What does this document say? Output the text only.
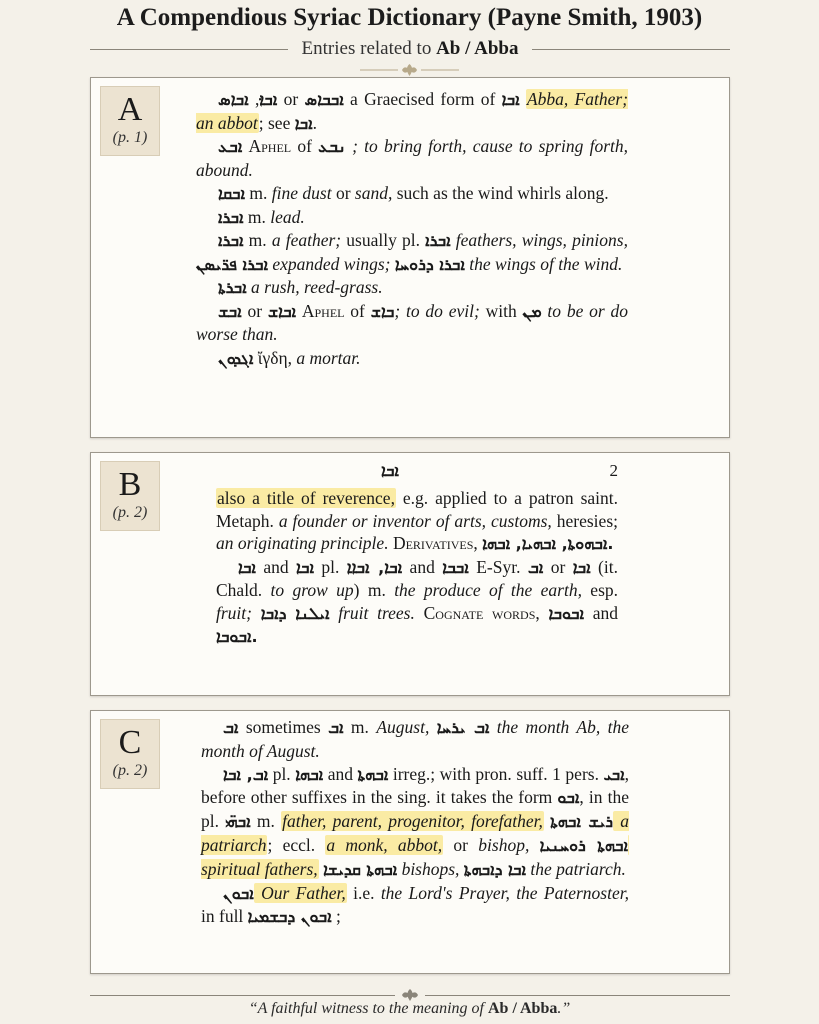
A Compendious Syriac Dictionary (Payne Smith, 1903)
Entries related to Ab / Abba
A
(p. 1)

ܐܒܐ݀, ܐܒܐܣ or ܐܒܒܐܣ a Graecised form of ܐܒܐ Abba, Father; an abbot; see ܐܒܐ.

ܐܒܥ Aphel of ܢܒܥ ; to bring forth, cause to spring forth, abound.

ܐܒܩܐ m. fine dust or sand, such as the wind whirls along.

ܐܒܪܐ m. lead.

ܐܒܪܐ m. a feather; usually pl. ܐܒܪܐ feathers, wings, pinions, ܐܒܪܐ ܦܪ̈ܝܣܢ expanded wings; ܐܒܪܐ ܕܪܘܚܐ the wings of the wind.

ܐܒܪܬܐ a rush, reed-grass.

ܐܒܫ or ܐܒܐܫ Aphel of ܒܐܫ; to do evil; with ܡܢ to be or do worse than.

ܐܓܕܘܢ ἴγδη, a mortar.

B
(p. 2)
ܐܒܐ	2

also a title of reverence, e.g. applied to a patron saint. Metaph. a founder or inventor of arts, customs, heresies; an originating principle. Derivatives, ܐܒܗܘܬܐ, ܐܒܗܝܐ, ܐܒܗܐ.

ܐܒܐ and ܐܒܐ pl. ܐܒܐ, ܐܒܐܐ and ܐܒܒܐ E-Syr. ܐܒ or ܐܒܐ (it. Chald. to grow up) m. the produce of the earth, esp. fruit;	ܐܝܠܢܐ ܕܐܒܐ fruit trees. Cognate words, ܐܒܘܒܐ and ܐܒܘܒܐ.

C
(p. 2)

ܐܒ sometimes ܐܒ m. August, ܐܒ ܝܪܚܐ the month Ab, the month of August.

ܐܒ, ܐܒܐ pl. ܐܒܗܐ and ܐܒܗܬܐ irreg.; with pron. suff. 1 pers. ܐܒܝ, before other suffixes in the sing. it takes the form ܐܒܘ, in the pl. ܐܒܗ̈ܝ m. father, parent, progenitor, forefather, ܪܝܫ ܐܒܗܬܐ a patriarch; eccl. a monk, abbot, or bishop, ܐܒܗܬܐ ܪܘܚܢܝܐ spiritual fathers, ܐܒܗܬܐ ܩܕܝܫܐ bishops, ܐܒܐ ܕܐܒܗܬܐ the patriarch.

ܐܒܘܢ Our Father, i.e. the Lord's Prayer, the Paternoster, in full ܐܒܘܢ ܕܒܫܡܝܐ ;

“A faithful witness to the meaning of Ab / Abba.”
